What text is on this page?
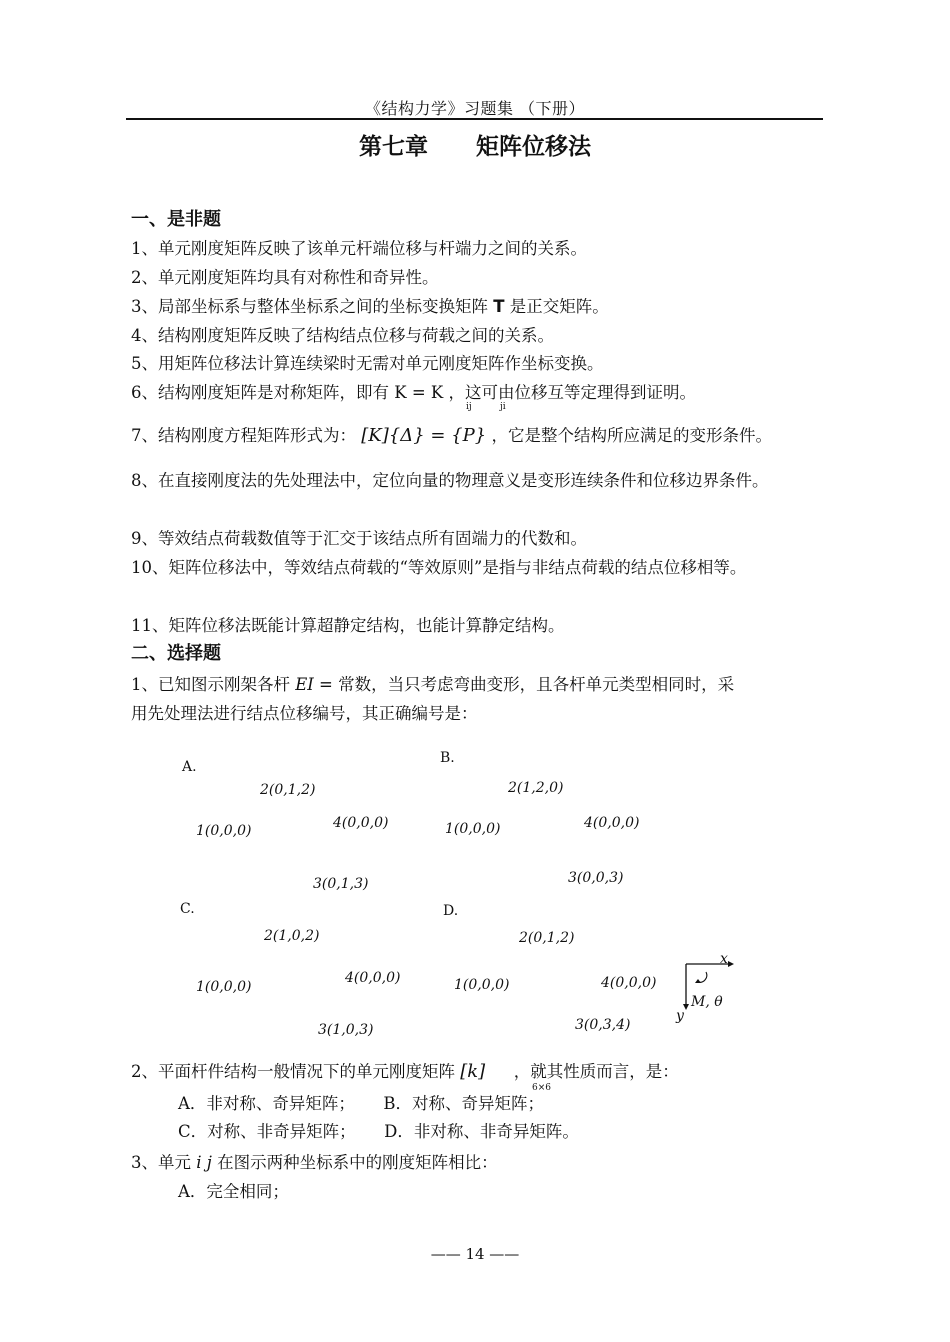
《结构力学》习题集 （下册）
第七章 矩阵位移法
一、是非题
1、单元刚度矩阵反映了该单元杆端位移与杆端力之间的关系。
2、单元刚度矩阵均具有对称性和奇异性。
3、局部坐标系与整体坐标系之间的坐标变换矩阵 T 是正交矩阵。
4、结构刚度矩阵反映了结构结点位移与荷载之间的关系。
5、用矩阵位移法计算连续梁时无需对单元刚度矩阵作坐标变换。
6、结构刚度矩阵是对称矩阵，即有 K = K ，这可由位移互等定理得到证明。
ij	ji
7、结构刚度方程矩阵形式为： [K]{Δ} = {P} ，它是整个结构所应满足的变形条件。
8、在直接刚度法的先处理法中，定位向量的物理意义是变形连续条件和位移边界条件。
9、等效结点荷载数值等于汇交于该结点所有固端力的代数和。
10、矩阵位移法中，等效结点荷载的“等效原则”是指与非结点荷载的结点位移相等。
11、矩阵位移法既能计算超静定结构，也能计算静定结构。
二、选择题
1、已知图示刚架各杆 EI = 常数，当只考虑弯曲变形，且各杆单元类型相同时，采
用先处理法进行结点位移编号，其正确编号是：
A.
2(0,1,2)
1(0,0,0)	4(0,0,0)
3(0,1,3)
B.
2(1,2,0)
1(0,0,0)	4(0,0,0)
3(0,0,3)
C.
2(1,0,2)
1(0,0,0)
4(0,0,0)
3(1,0,3)
D.
2(0,1,2)
1(0,0,0)	4(0,0,0)
3(0,3,4)
x
y
M, θ
2、平面杆件结构一般情况下的单元刚度矩阵 [k] ，就其性质而言，是：
6×6
A．非对称、奇异矩阵； B．对称、奇异矩阵；
C．对称、非奇异矩阵； D．非对称、非奇异矩阵。
3、单元 i j 在图示两种坐标系中的刚度矩阵相比：
A．完全相同；
—— 14 ——
